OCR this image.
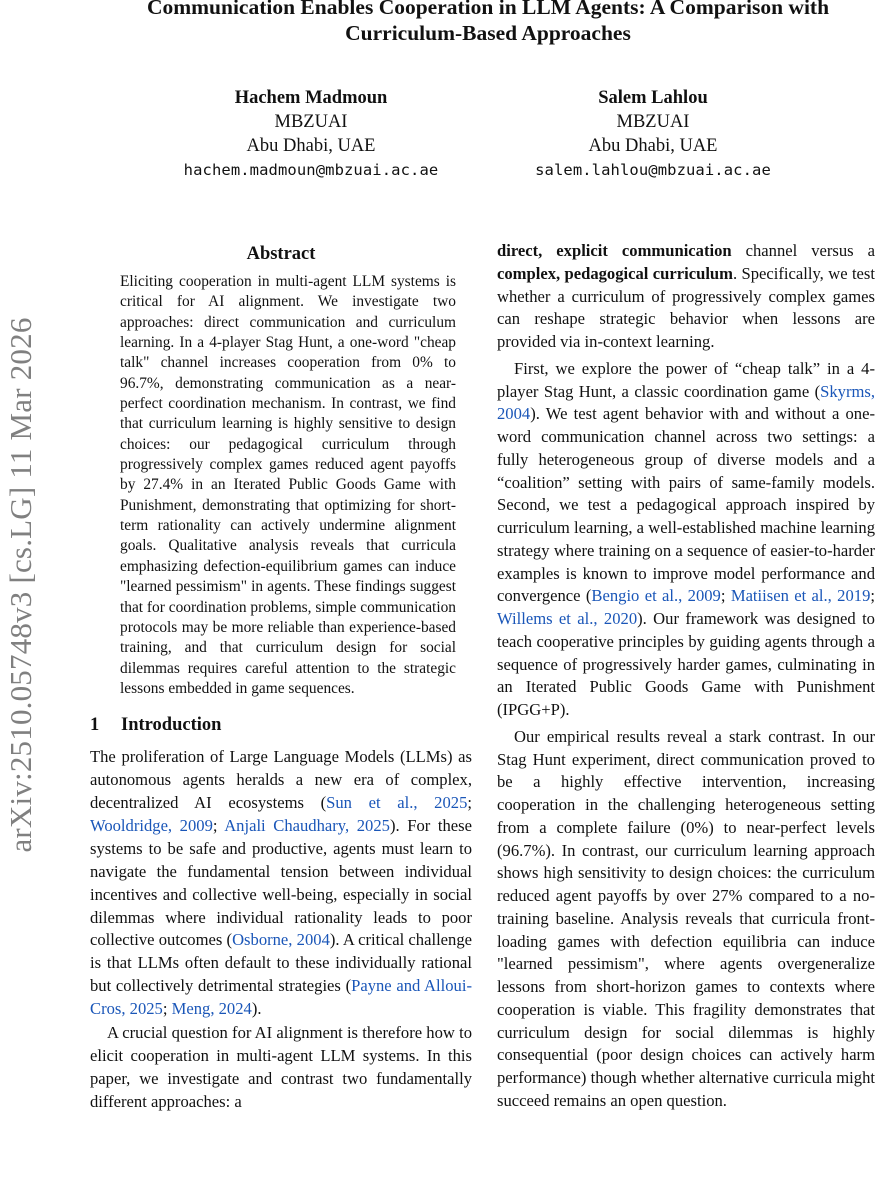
arXiv:2510.05748v3 [cs.LG] 11 Mar 2026
Communication Enables Cooperation in LLM Agents: A Comparison with
Curriculum-Based Approaches
Hachem Madmoun
MBZUAI
Abu Dhabi, UAE
hachem.madmoun@mbzuai.ac.ae
Salem Lahlou
MBZUAI
Abu Dhabi, UAE
salem.lahlou@mbzuai.ac.ae
Abstract
Eliciting cooperation in multi-agent LLM systems is critical for AI alignment. We investigate two approaches: direct communication and curriculum learning. In a 4-player Stag Hunt, a one-word "cheap talk" channel increases cooperation from 0% to 96.7%, demonstrating communication as a near-perfect coordination mechanism. In contrast, we find that curriculum learning is highly sensitive to design choices: our pedagogical curriculum through progressively complex games reduced agent payoffs by 27.4% in an Iterated Public Goods Game with Punishment, demonstrating that optimizing for short-term rationality can actively undermine alignment goals. Qualitative analysis reveals that curricula emphasizing defection-equilibrium games can induce "learned pessimism" in agents. These findings suggest that for coordination problems, simple communication protocols may be more reliable than experience-based training, and that curriculum design for social dilemmas requires careful attention to the strategic lessons embedded in game sequences.
1 Introduction

The proliferation of Large Language Models (LLMs) as autonomous agents heralds a new era of complex, decentralized AI ecosystems (Sun et al., 2025; Wooldridge, 2009; Anjali Chaudhary, 2025). For these systems to be safe and productive, agents must learn to navigate the fundamental tension between individual incentives and collective well-being, especially in social dilemmas where individual rationality leads to poor collective outcomes (Osborne, 2004). A critical challenge is that LLMs often default to these individually rational but collectively detrimental strategies (Payne and Alloui-Cros, 2025; Meng, 2024).

A crucial question for AI alignment is therefore how to elicit cooperation in multi-agent LLM systems. In this paper, we investigate and contrast two fundamentally different approaches: a

direct, explicit communication channel versus a complex, pedagogical curriculum. Specifically, we test whether a curriculum of progressively complex games can reshape strategic behavior when lessons are provided via in-context learning.

First, we explore the power of “cheap talk” in a 4-player Stag Hunt, a classic coordination game (Skyrms, 2004). We test agent behavior with and without a one-word communication channel across two settings: a fully heterogeneous group of diverse models and a “coalition” setting with pairs of same-family models. Second, we test a pedagogical approach inspired by curriculum learning, a well-established machine learning strategy where training on a sequence of easier-to-harder examples is known to improve model performance and convergence (Bengio et al., 2009; Matiisen et al., 2019; Willems et al., 2020). Our framework was designed to teach cooperative principles by guiding agents through a sequence of progressively harder games, culminating in an Iterated Public Goods Game with Punishment (IPGG+P).

Our empirical results reveal a stark contrast. In our Stag Hunt experiment, direct communication proved to be a highly effective intervention, increasing cooperation in the challenging heterogeneous setting from a complete failure (0%) to near-perfect levels (96.7%). In contrast, our curriculum learning approach shows high sensitivity to design choices: the curriculum reduced agent payoffs by over 27% compared to a no-training baseline. Analysis reveals that curricula front-loading games with defection equilibria can induce "learned pessimism", where agents overgeneralize lessons from short-horizon games to contexts where cooperation is viable. This fragility demonstrates that curriculum design for social dilemmas is highly consequential (poor design choices can actively harm performance) though whether alternative curricula might succeed remains an open question.
